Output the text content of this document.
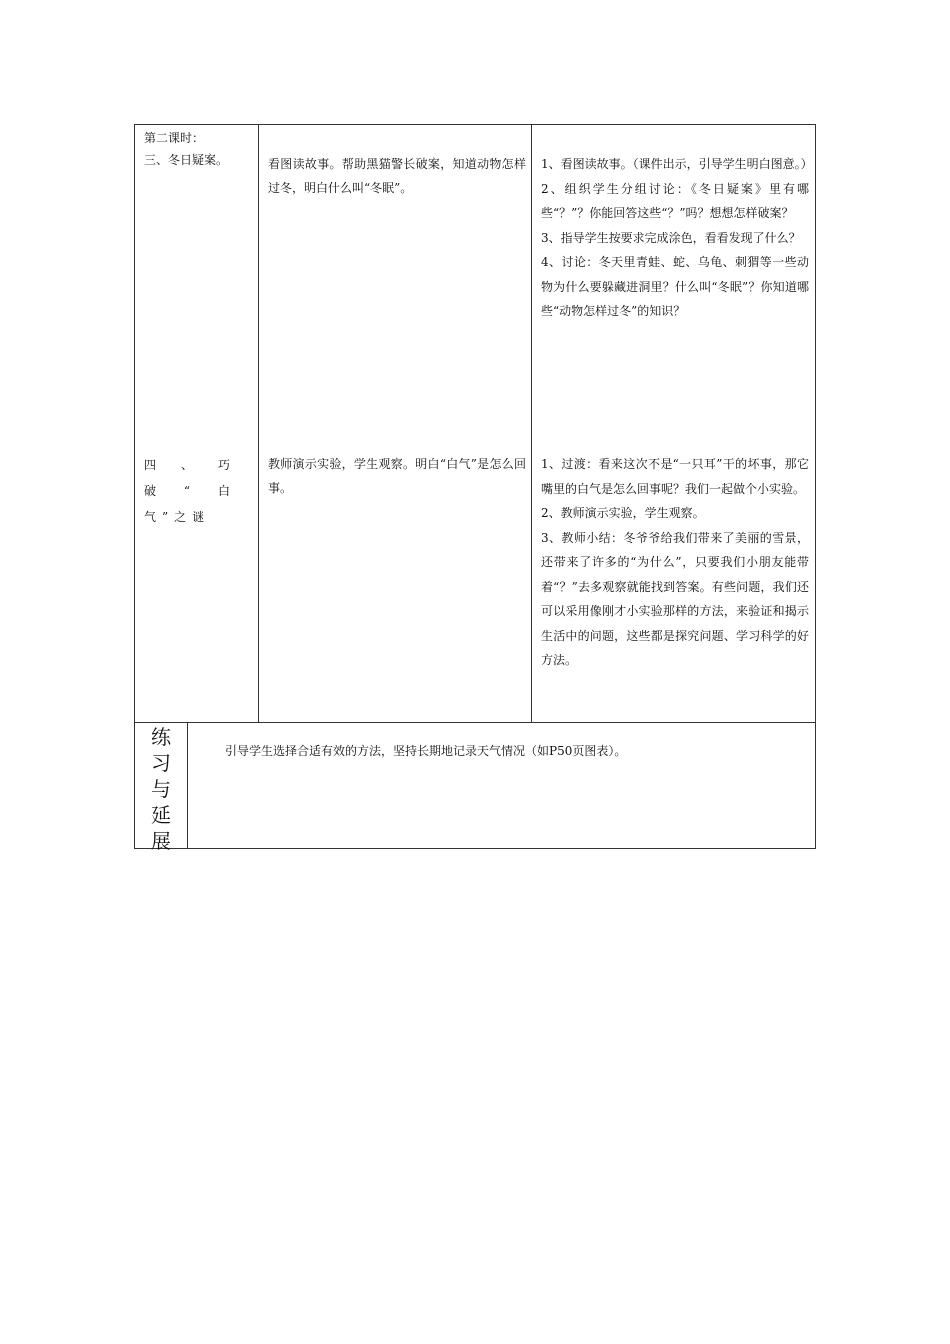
第二课时：
三、冬日疑案。
四、巧破“白气”之谜
看图读故事。帮助黑猫警长破案，知道动物怎样过冬，明白什么叫“冬眠”。
教师演示实验，学生观察。明白“白气”是怎么回事。

1、看图读故事。（课件出示，引导学生明白图意。）

2、组织学生分组讨论：《冬日疑案》里有哪些“？”？你能回答这些“？”吗？想想怎样破案？

3、指导学生按要求完成涂色，看看发现了什么？

4、讨论：冬天里青蛙、蛇、乌龟、刺猬等一些动物为什么要躲藏进洞里？什么叫“冬眠”？你知道哪些“动物怎样过冬”的知识？

1、过渡：看来这次不是“一只耳”干的坏事，那它嘴里的白气是怎么回事呢？我们一起做个小实验。

2、教师演示实验，学生观察。

3、教师小结：冬爷爷给我们带来了美丽的雪景，还带来了许多的“为什么”，只要我们小朋友能带着“？”去多观察就能找到答案。有些问题，我们还可以采用像刚才小实验那样的方法，来验证和揭示生活中的问题，这些都是探究问题、学习科学的好方法。

练
习
与
延
展
引导学生选择合适有效的方法，坚持长期地记录天气情况（如P50页图表）。
